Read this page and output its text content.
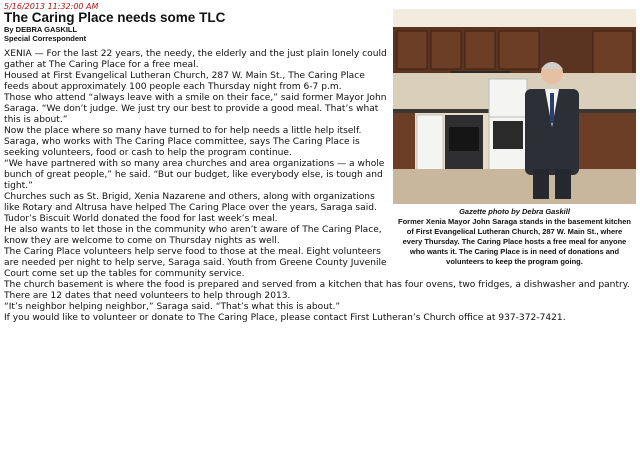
5/16/2013 11:32:00 AM
The Caring Place needs some TLC
By DEBRA GASKILL
Special Correspondent
Gazette photo by Debra Gaskill
Former Xenia Mayor John Saraga stands in the basement kitchen of First Evangelical Lutheran Church, 287 W. Main St., where every Thursday. The Caring Place hosts a free meal for anyone who wants it. The Caring Place is in need of donations and volunteers to keep the program going.

XENIA — For the last 22 years, the needy, the elderly and the just plain lonely could gather at The Caring Place for a free meal.

Housed at First Evangelical Lutheran Church, 287 W. Main St., The Caring Place feeds about approximately 100 people each Thursday night from 6-7 p.m.

Those who attend “always leave with a smile on their face,” said former Mayor John Saraga. “We don’t judge. We just try our best to provide a good meal. That’s what this is about.”

Now the place where so many have turned to for help needs a little help itself.

Saraga, who works with The Caring Place committee, says The Caring Place is seeking volunteers, food or cash to help the program continue.

“We have partnered with so many area churches and area organizations — a whole bunch of great people,” he said. “But our budget, like everybody else, is tough and tight.”

Churches such as St. Brigid, Xenia Nazarene and others, along with organizations like Rotary and Altrusa have helped The Caring Place over the years, Saraga said. Tudor’s Biscuit World donated the food for last week’s meal.

He also wants to let those in the community who aren’t aware of The Caring Place, know they are welcome to come on Thursday nights as well.

The Caring Place volunteers help serve food to those at the meal. Eight volunteers are needed per night to help serve, Saraga said. Youth from Greene County Juvenile Court come set up the tables for community service.

The church basement is where the food is prepared and served from a kitchen that has four ovens, two fridges, a dishwasher and pantry.

There are 12 dates that need volunteers to help through 2013.

“It’s neighbor helping neighbor,” Saraga said. “That’s what this is about.”

If you would like to volunteer or donate to The Caring Place, please contact First Lutheran’s Church office at 937-372-7421.
